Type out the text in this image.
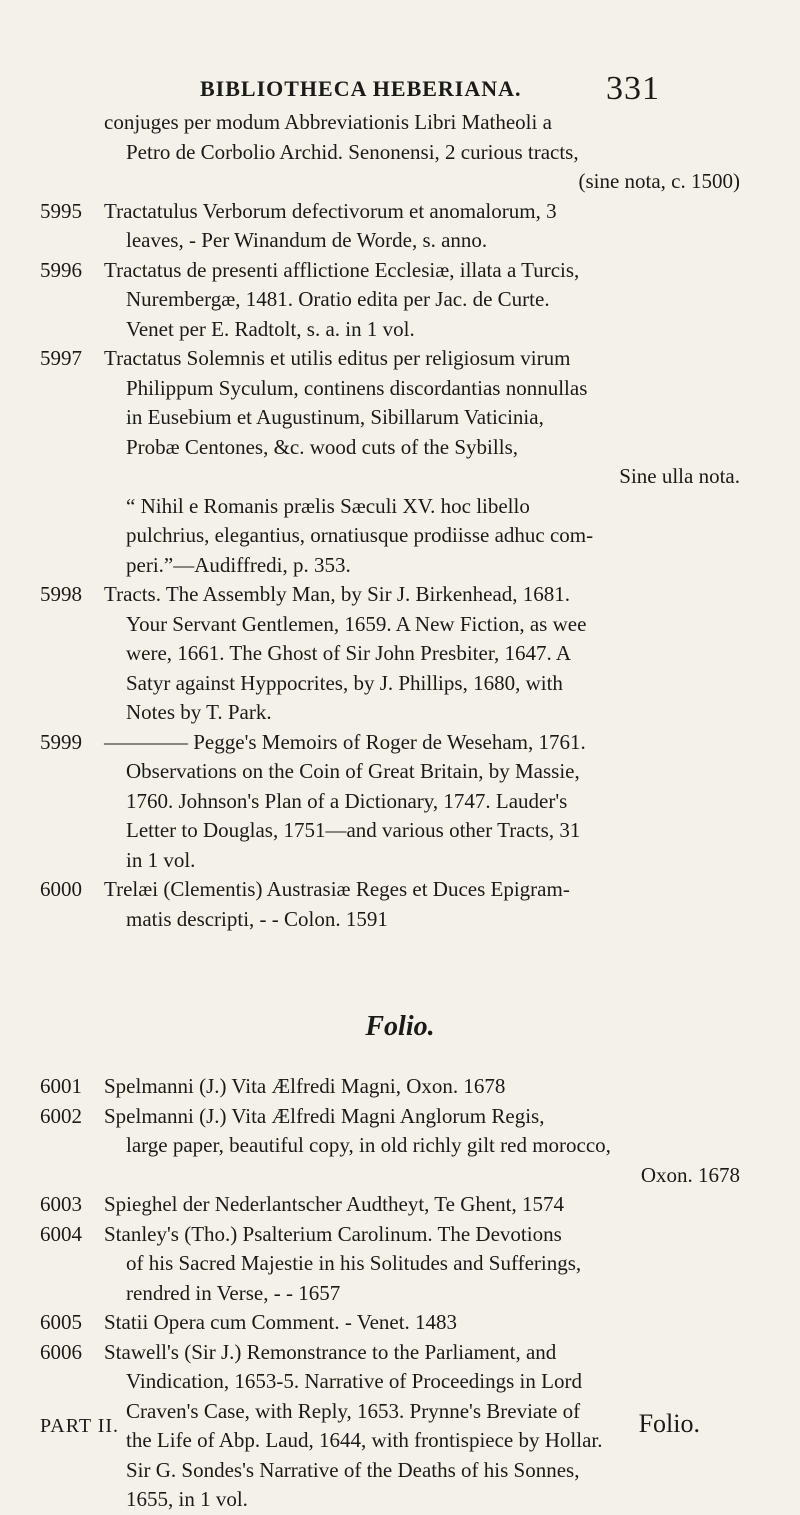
BIBLIOTHECA HEBERIANA. 331
conjuges per modum Abbreviationis Libri Matheoli a
Petro de Corbolio Archid. Senonensi, 2 curious tracts,
(sine nota, c. 1500)
5995	Tractatulus Verborum defectivorum et anomalorum, 3
leaves, - Per Winandum de Worde, s. anno.
5996	Tractatus de presenti afflictione Ecclesiæ, illata a Turcis,
Nurembergæ, 1481. Oratio edita per Jac. de Curte.
Venet per E. Radtolt, s. a. in 1 vol.
5997	Tractatus Solemnis et utilis editus per religiosum virum
Philippum Syculum, continens discordantias nonnullas
in Eusebium et Augustinum, Sibillarum Vaticinia,
Probæ Centones, &c. wood cuts of the Sybills,
Sine ulla nota.
“ Nihil e Romanis prælis Sæculi XV. hoc libello
pulchrius, elegantius, ornatiusque prodiisse adhuc com-
peri.”—Audiffredi, p. 353.
5998	Tracts. The Assembly Man, by Sir J. Birkenhead, 1681.
Your Servant Gentlemen, 1659. A New Fiction, as wee
were, 1661. The Ghost of Sir John Presbiter, 1647. A
Satyr against Hyppocrites, by J. Phillips, 1680, with
Notes by T. Park.
5999	———— Pegge's Memoirs of Roger de Weseham, 1761.
Observations on the Coin of Great Britain, by Massie,
1760. Johnson's Plan of a Dictionary, 1747. Lauder's
Letter to Douglas, 1751—and various other Tracts, 31
in 1 vol.
6000	Trelæi (Clementis) Austrasiæ Reges et Duces Epigram-
matis descripti, - - Colon. 1591
Folio.
6001	Spelmanni (J.) Vita Ælfredi Magni, Oxon. 1678
6002	Spelmanni (J.) Vita Ælfredi Magni Anglorum Regis,
large paper, beautiful copy, in old richly gilt red morocco,
Oxon. 1678
6003	Spieghel der Nederlantscher Audtheyt, Te Ghent, 1574
6004	Stanley's (Tho.) Psalterium Carolinum. The Devotions
of his Sacred Majestie in his Solitudes and Sufferings,
rendred in Verse, - - 1657
6005	Statii Opera cum Comment. - Venet. 1483
6006	Stawell's (Sir J.) Remonstrance to the Parliament, and
Vindication, 1653-5. Narrative of Proceedings in Lord
Craven's Case, with Reply, 1653. Prynne's Breviate of
the Life of Abp. Laud, 1644, with frontispiece by Hollar.
Sir G. Sondes's Narrative of the Deaths of his Sonnes,
1655, in 1 vol.
PART II.	Folio.
